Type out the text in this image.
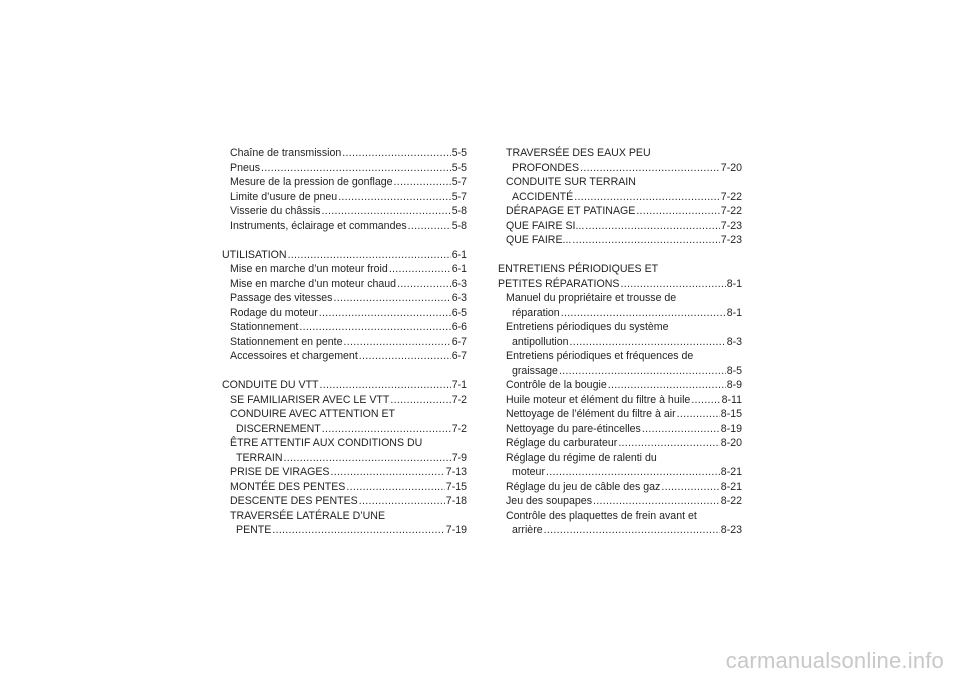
Chaîne de transmission .....	5-5
Pneus .....	5-5
Mesure de la pression de gonflage .....	5-7
Limite d’usure de pneu .....	5-7
Visserie du châssis .....	5-8
Instruments, éclairage et commandes .....	5-8
UTILISATION .....	6-1
Mise en marche d’un moteur froid .....	6-1
Mise en marche d’un moteur chaud .....	6-3
Passage des vitesses .....	6-3
Rodage du moteur .....	6-5
Stationnement .....	6-6
Stationnement en pente .....	6-7
Accessoires et chargement .....	6-7
CONDUITE DU VTT .....	7-1
SE FAMILIARISER AVEC LE VTT .....	7-2
CONDUIRE AVEC ATTENTION ET
DISCERNEMENT .....	7-2
ÊTRE ATTENTIF AUX CONDITIONS DU
TERRAIN .....	7-9
PRISE DE VIRAGES .....	7-13
MONTÉE DES PENTES .....	7-15
DESCENTE DES PENTES .....	7-18
TRAVERSÉE LATÉRALE D’UNE
PENTE .....	7-19
TRAVERSÉE DES EAUX PEU
PROFONDES .....	7-20
CONDUITE SUR TERRAIN
ACCIDENTÉ .....	7-22
DÉRAPAGE ET PATINAGE .....	7-22
QUE FAIRE SI... .....	7-23
QUE FAIRE... .....	7-23
ENTRETIENS PÉRIODIQUES ET
PETITES RÉPARATIONS .....	8-1
Manuel du propriétaire et trousse de
réparation .....	8-1
Entretiens périodiques du système
antipollution .....	8-3
Entretiens périodiques et fréquences de
graissage .....	8-5
Contrôle de la bougie .....	8-9
Huile moteur et élément du filtre à huile .....	8-11
Nettoyage de l’élément du filtre à air .....	8-15
Nettoyage du pare-étincelles .....	8-19
Réglage du carburateur .....	8-20
Réglage du régime de ralenti du
moteur .....	8-21
Réglage du jeu de câble des gaz .....	8-21
Jeu des soupapes .....	8-22
Contrôle des plaquettes de frein avant et
arrière .....	8-23
carmanualsonline.info
